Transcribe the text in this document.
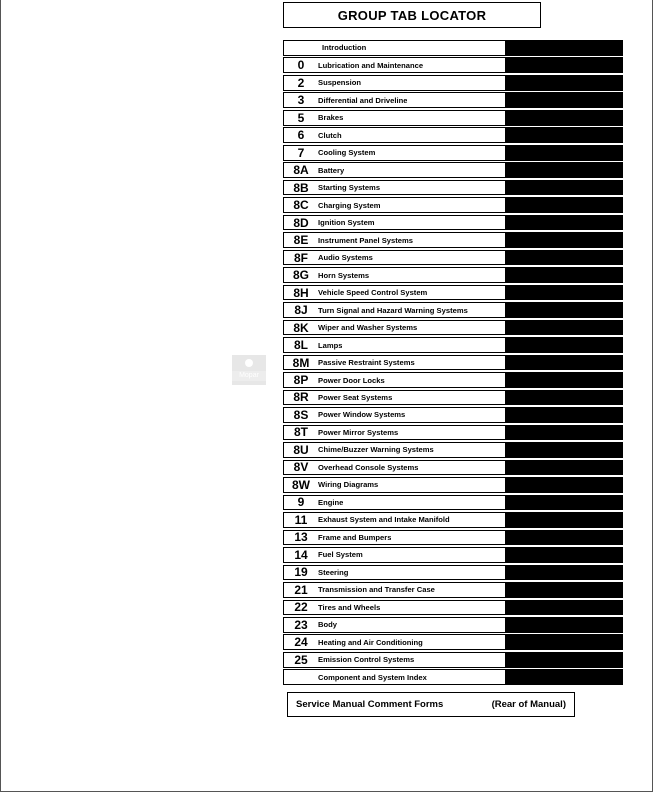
GROUP TAB LOCATOR
Mopar
Introduction
0	Lubrication and Maintenance
2	Suspension
3	Differential and Driveline
5	Brakes
6	Clutch
7	Cooling System
8A	Battery
8B	Starting Systems
8C	Charging System
8D	Ignition System
8E	Instrument Panel Systems
8F	Audio Systems
8G	Horn Systems
8H	Vehicle Speed Control System
8J	Turn Signal and Hazard Warning Systems
8K	Wiper and Washer Systems
8L	Lamps
8M	Passive Restraint Systems
8P	Power Door Locks
8R	Power Seat Systems
8S	Power Window Systems
8T	Power Mirror Systems
8U	Chime/Buzzer Warning Systems
8V	Overhead Console Systems
8W	Wiring Diagrams
9	Engine
11	Exhaust System and Intake Manifold
13	Frame and Bumpers
14	Fuel System
19	Steering
21	Transmission and Transfer Case
22	Tires and Wheels
23	Body
24	Heating and Air Conditioning
25	Emission Control Systems
Component and System Index
Service Manual Comment Forms	(Rear of Manual)
